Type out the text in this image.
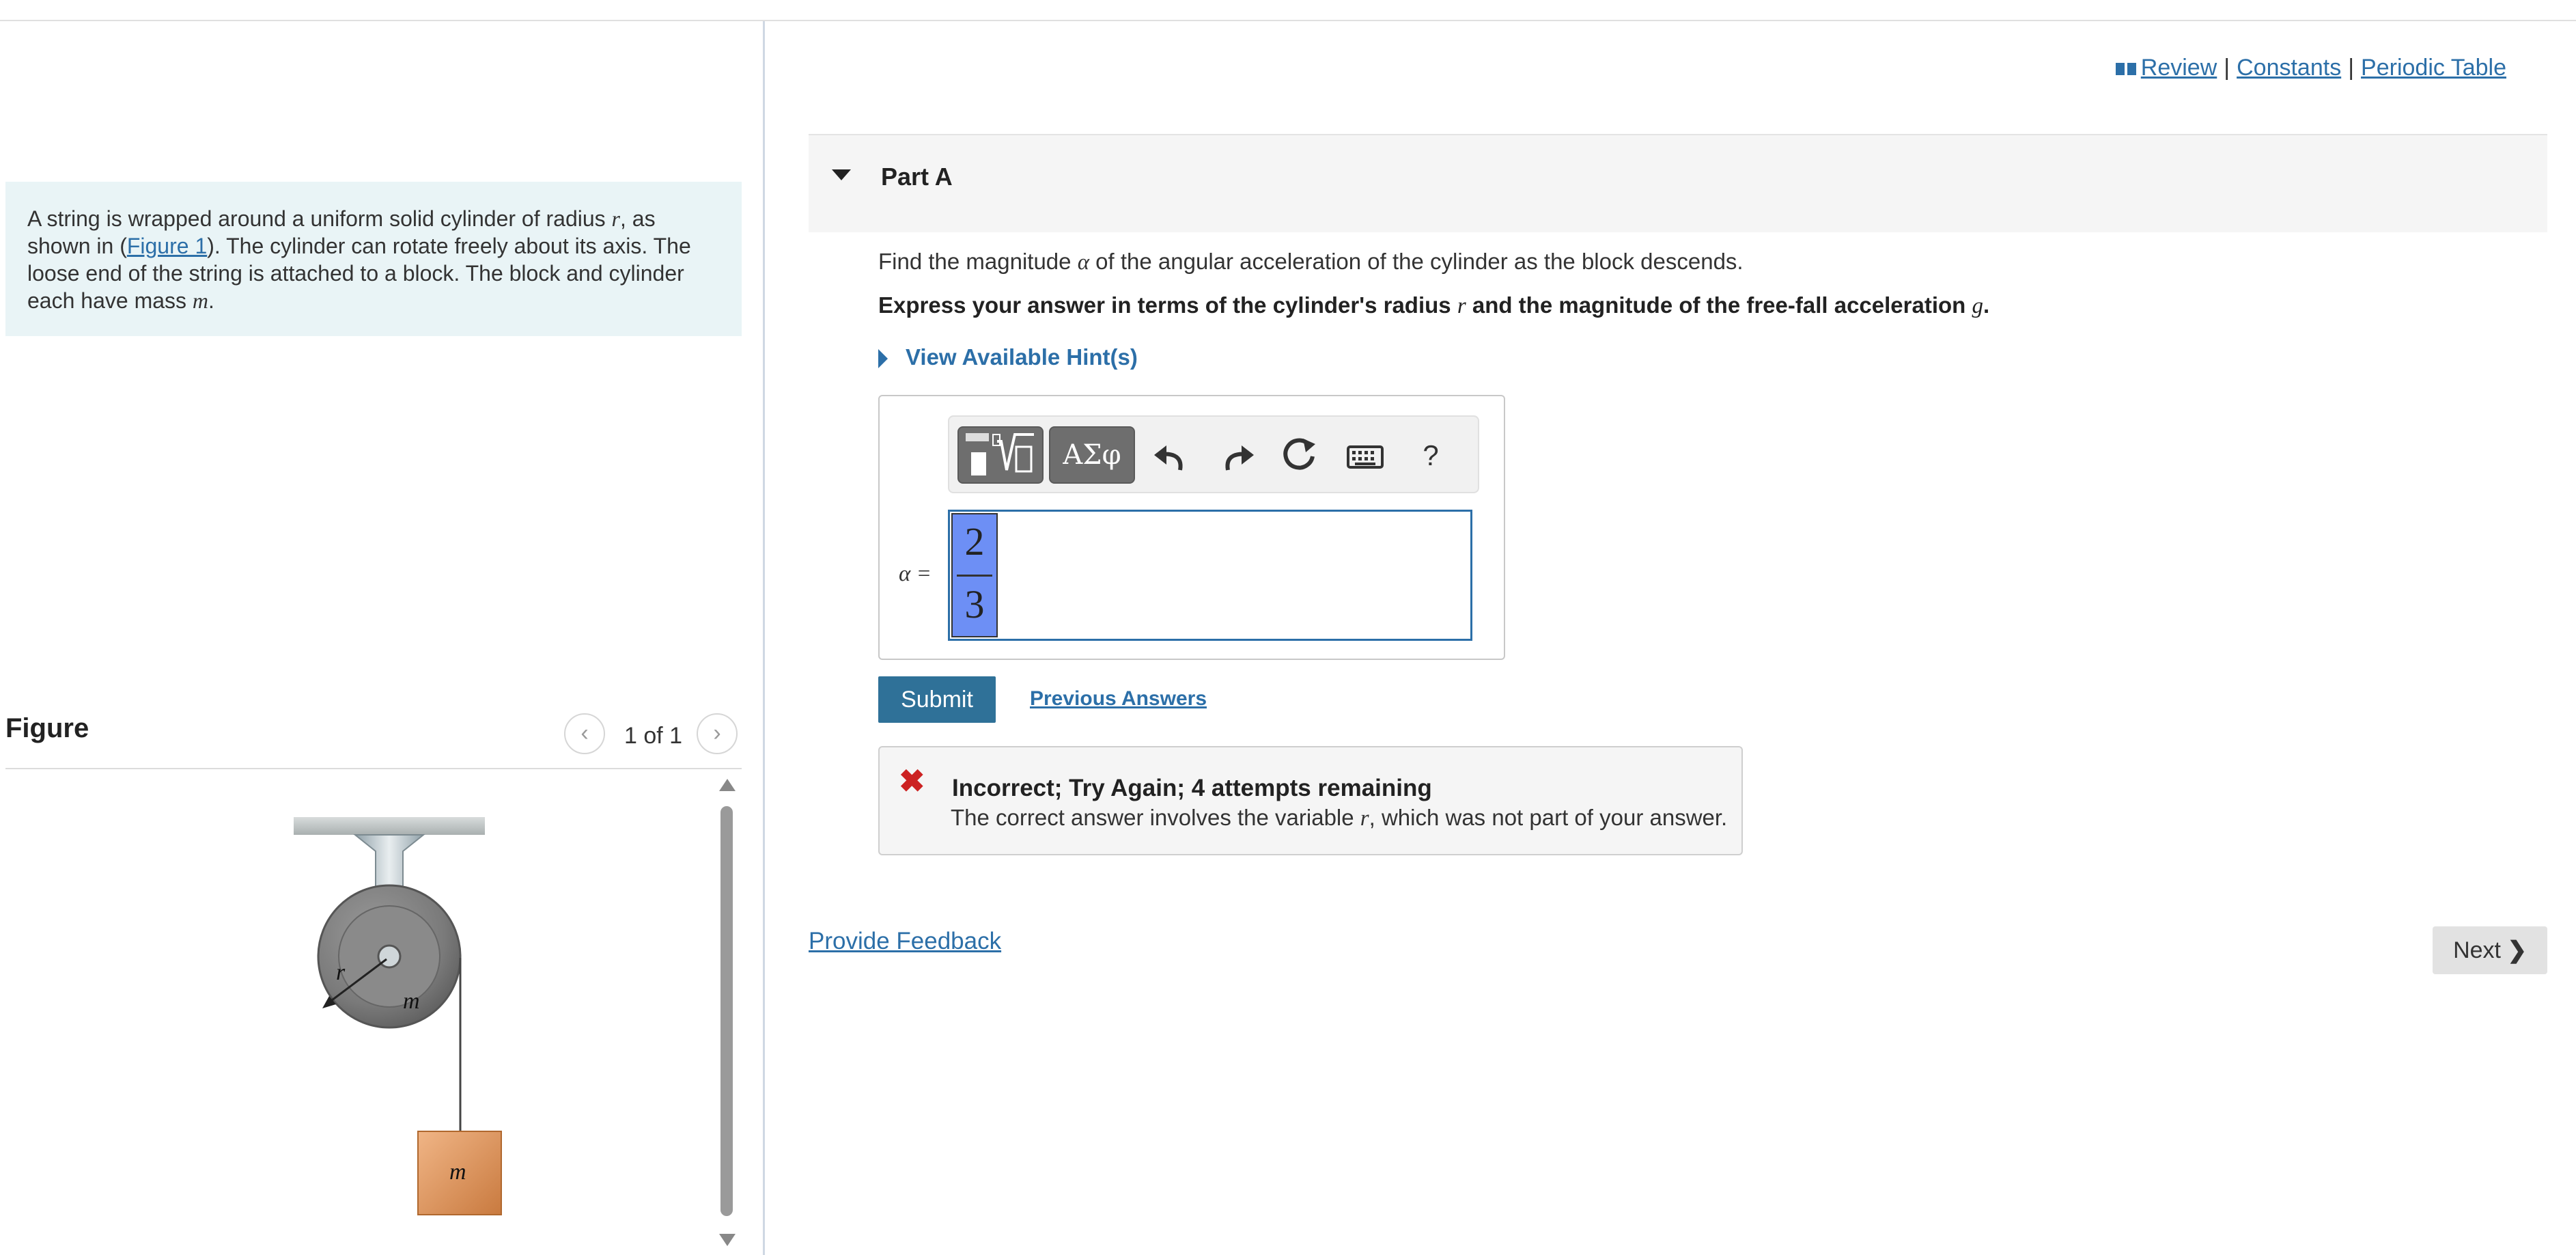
A string is wrapped around a uniform solid cylinder of radius r, as shown in (Figure 1). The cylinder can rotate freely about its axis. The loose end of the string is attached to a block. The block and cylinder each have mass m.
Figure	‹	1 of 1	›
r
m
m
Review | Constants | Periodic Table
Part A
Find the magnitude α of the angular acceleration of the cylinder as the block descends.
Express your answer in terms of the cylinder's radius r and the magnitude of the free-fall acceleration g.
View Available Hint(s)
ΑΣφ	?
α =
2
3
Submit	Previous Answers
✖ Incorrect; Try Again; 4 attempts remaining
The correct answer involves the variable r, which was not part of your answer.
Provide Feedback	Next ❯
